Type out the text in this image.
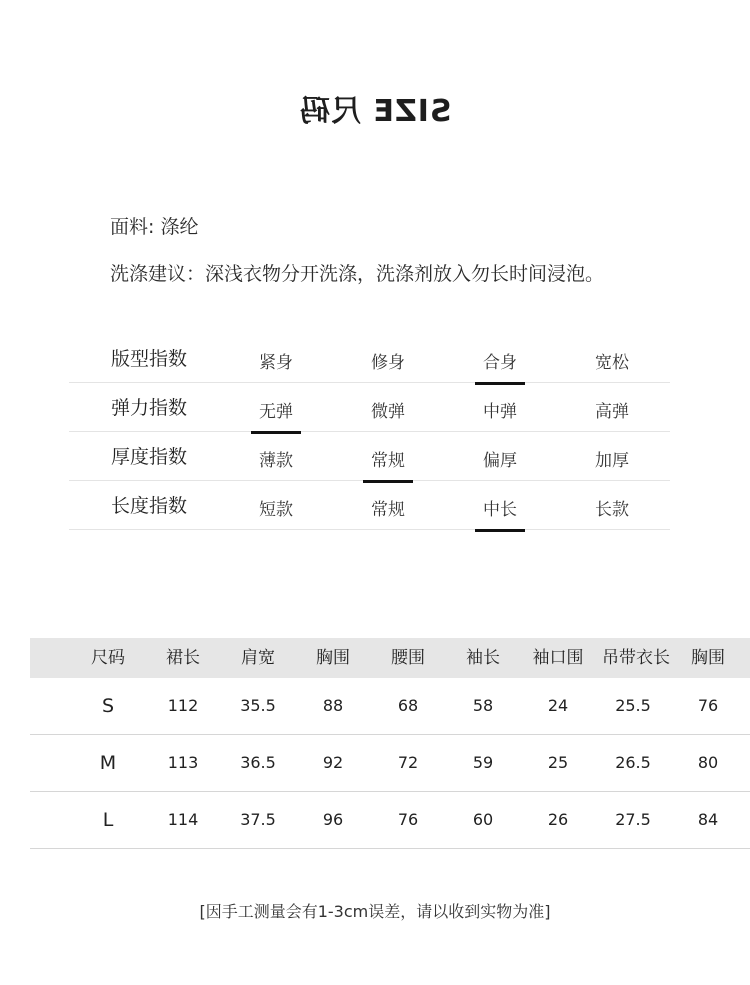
SIZE 尺码
面料: 涤纶
洗涤建议：深浅衣物分开洗涤，洗涤剂放入勿长时间浸泡。
版型指数	紧身	修身	合身	宽松
弹力指数	无弹	微弹	中弹	高弹
厚度指数	薄款	常规	偏厚	加厚
长度指数	短款	常规	中长	长款
尺码	裙长	肩宽	胸围	腰围	袖长	袖口围	吊带衣长	胸围
S	112	35.5	88	68	58	24	25.5	76
M	113	36.5	92	72	59	25	26.5	80
L	114	37.5	96	76	60	26	27.5	84
[因手工测量会有1-3cm误差，请以收到实物为准]
